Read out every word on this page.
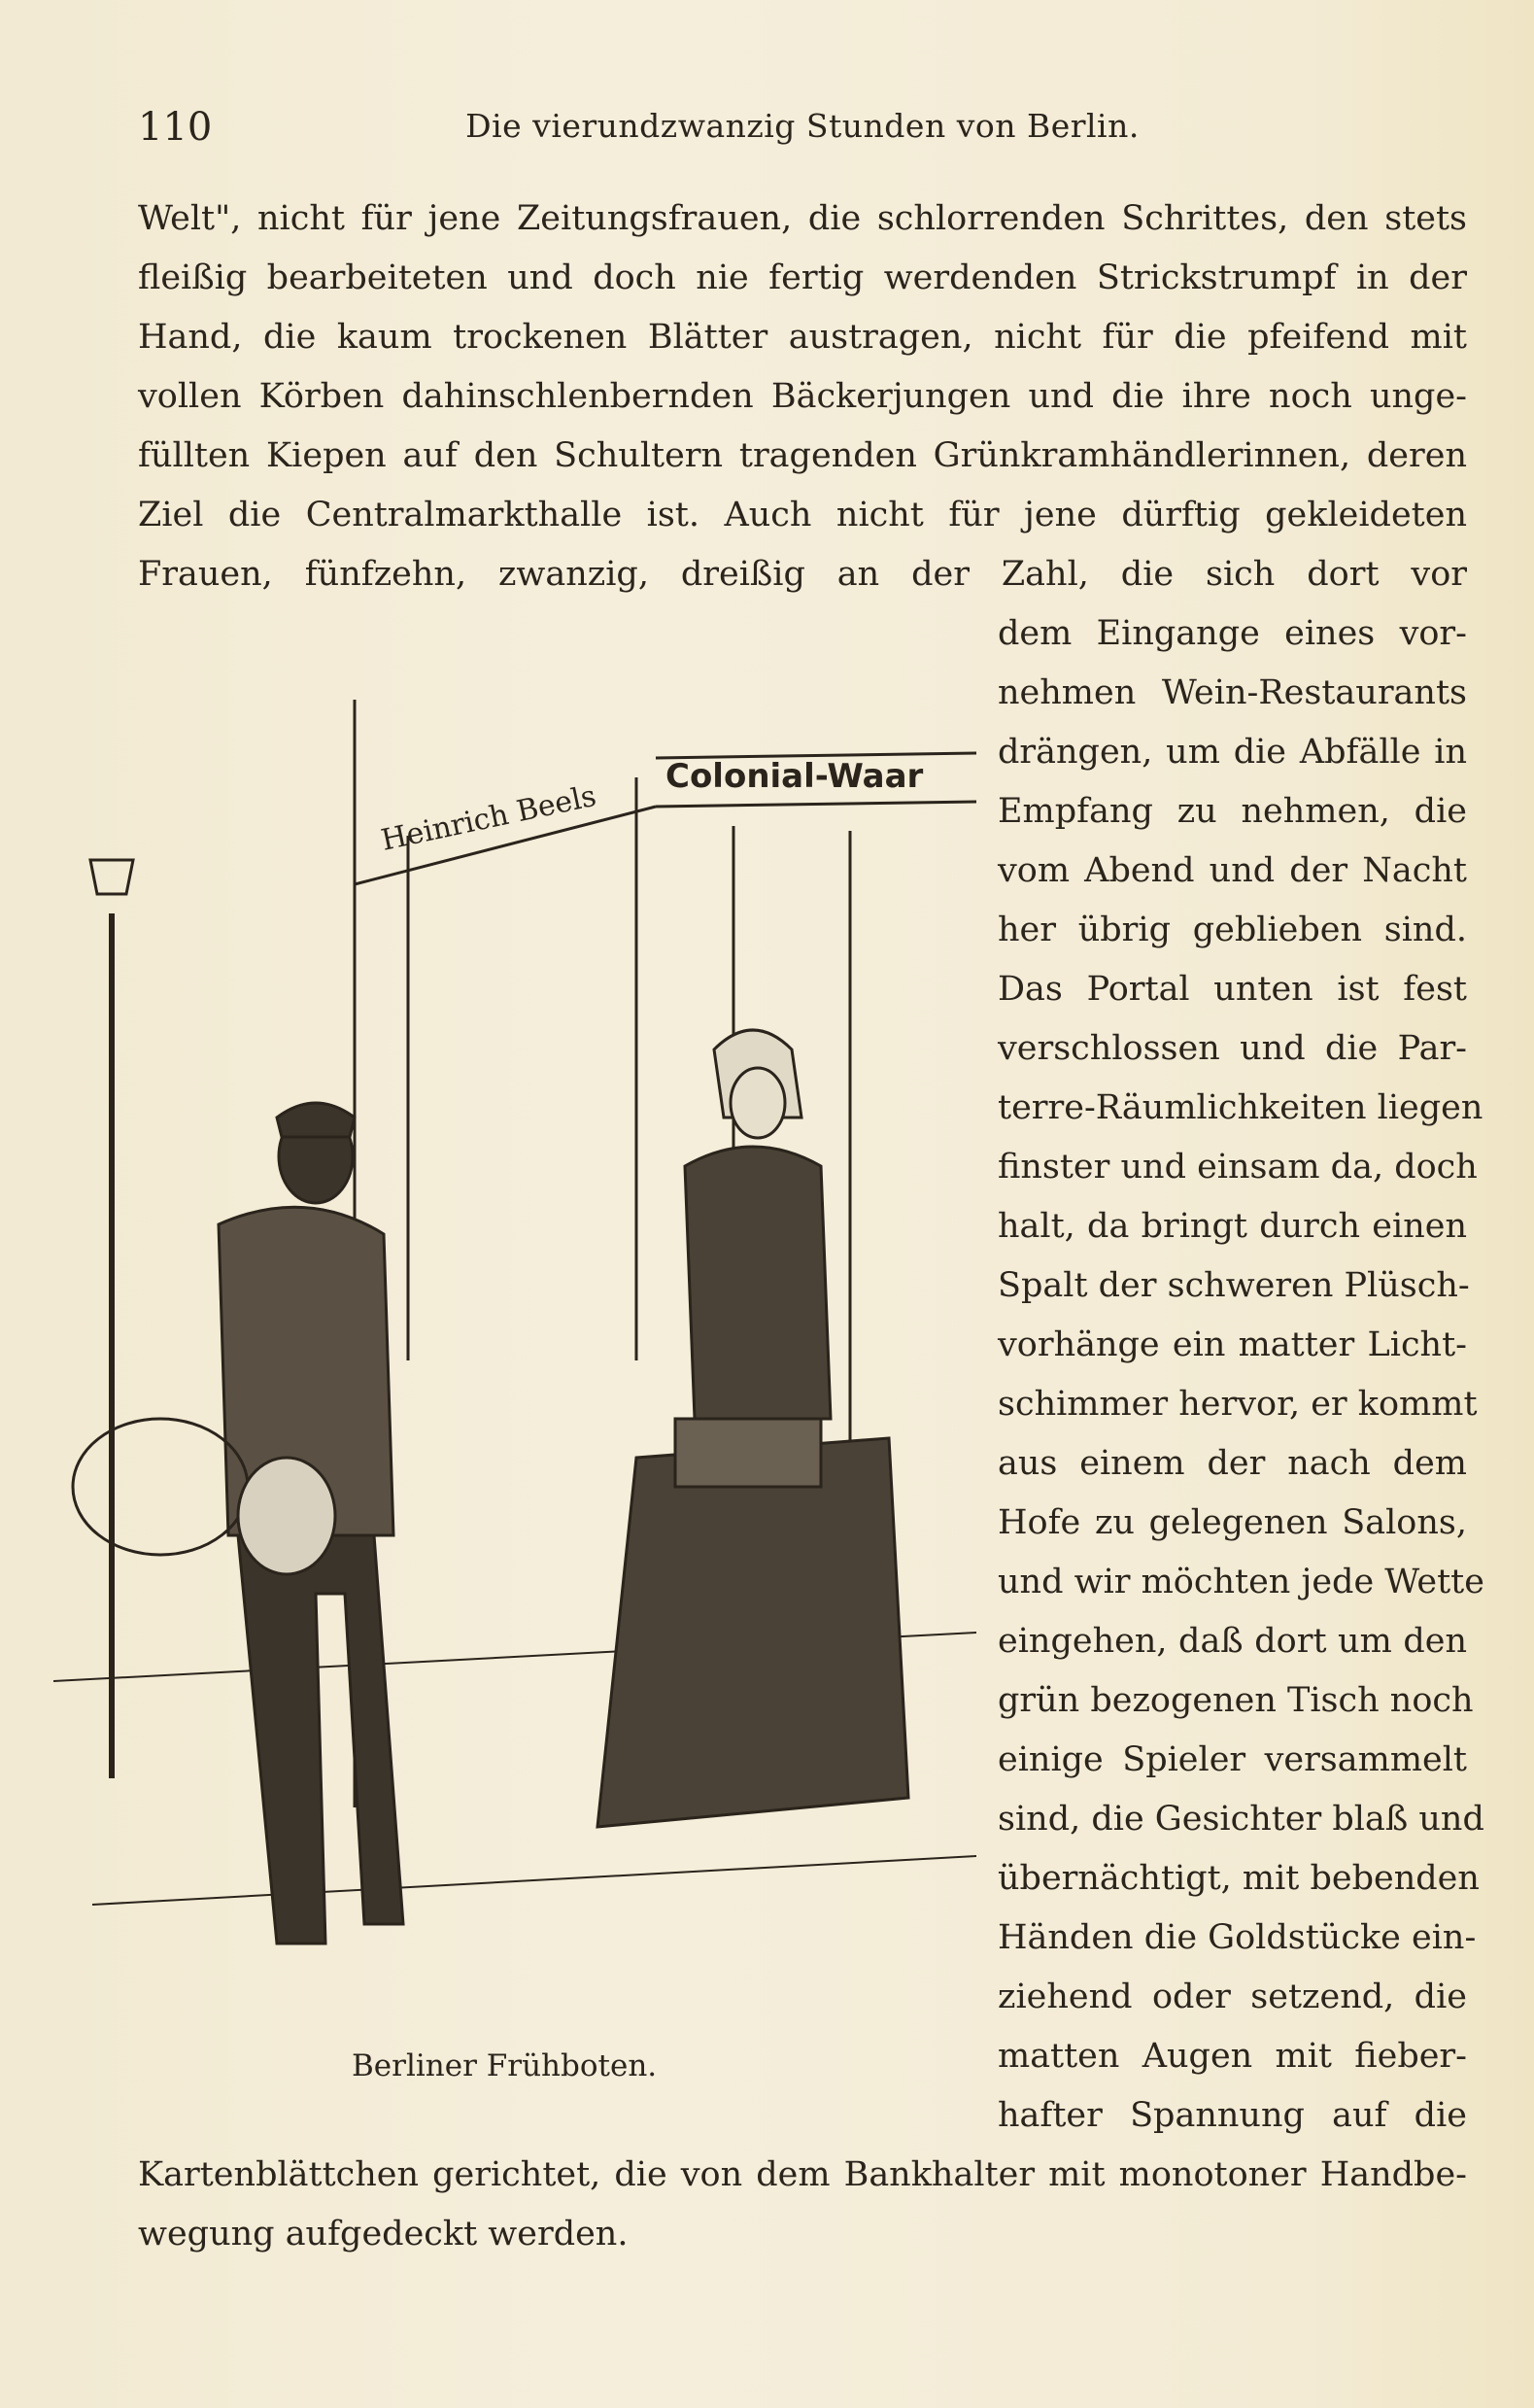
110	Die vierundzwanzig Stunden von Berlin.
Welt", nicht für jene Zeitungsfrauen, die schlorrenden Schrittes, den stets
fleißig bearbeiteten und doch nie fertig werdenden Strickstrumpf in der
Hand, die kaum trockenen Blätter austragen, nicht für die pfeifend mit
vollen Körben dahinschlenbernden Bäckerjungen und die ihre noch unge-
füllten Kiepen auf den Schultern tragenden Grünkramhändlerinnen, deren
Ziel die Centralmarkthalle ist. Auch nicht für jene dürftig gekleideten
Frauen, fünfzehn, zwanzig, dreißig an der Zahl, die sich dort vor
dem Eingange eines vor-
nehmen Wein-Restaurants
drängen, um die Abfälle in
Empfang zu nehmen, die
vom Abend und der Nacht
her übrig geblieben sind.
Das Portal unten ist fest
verschlossen und die Par-
terre-Räumlichkeiten liegen
finster und einsam da, doch
halt, da bringt durch einen
Spalt der schweren Plüsch-
vorhänge ein matter Licht-
schimmer hervor, er kommt
aus einem der nach dem
Hofe zu gelegenen Salons,
und wir möchten jede Wette
eingehen, daß dort um den
grün bezogenen Tisch noch
einige Spieler versammelt
sind, die Gesichter blaß und
übernächtigt, mit bebenden
Händen die Goldstücke ein-
ziehend oder setzend, die
matten Augen mit fieber-
hafter Spannung auf die
Kartenblättchen gerichtet, die von dem Bankhalter mit monotoner Handbe-
wegung aufgedeckt werden.
Heinrich Beels
Colonial-Waar
Berliner Frühboten.
